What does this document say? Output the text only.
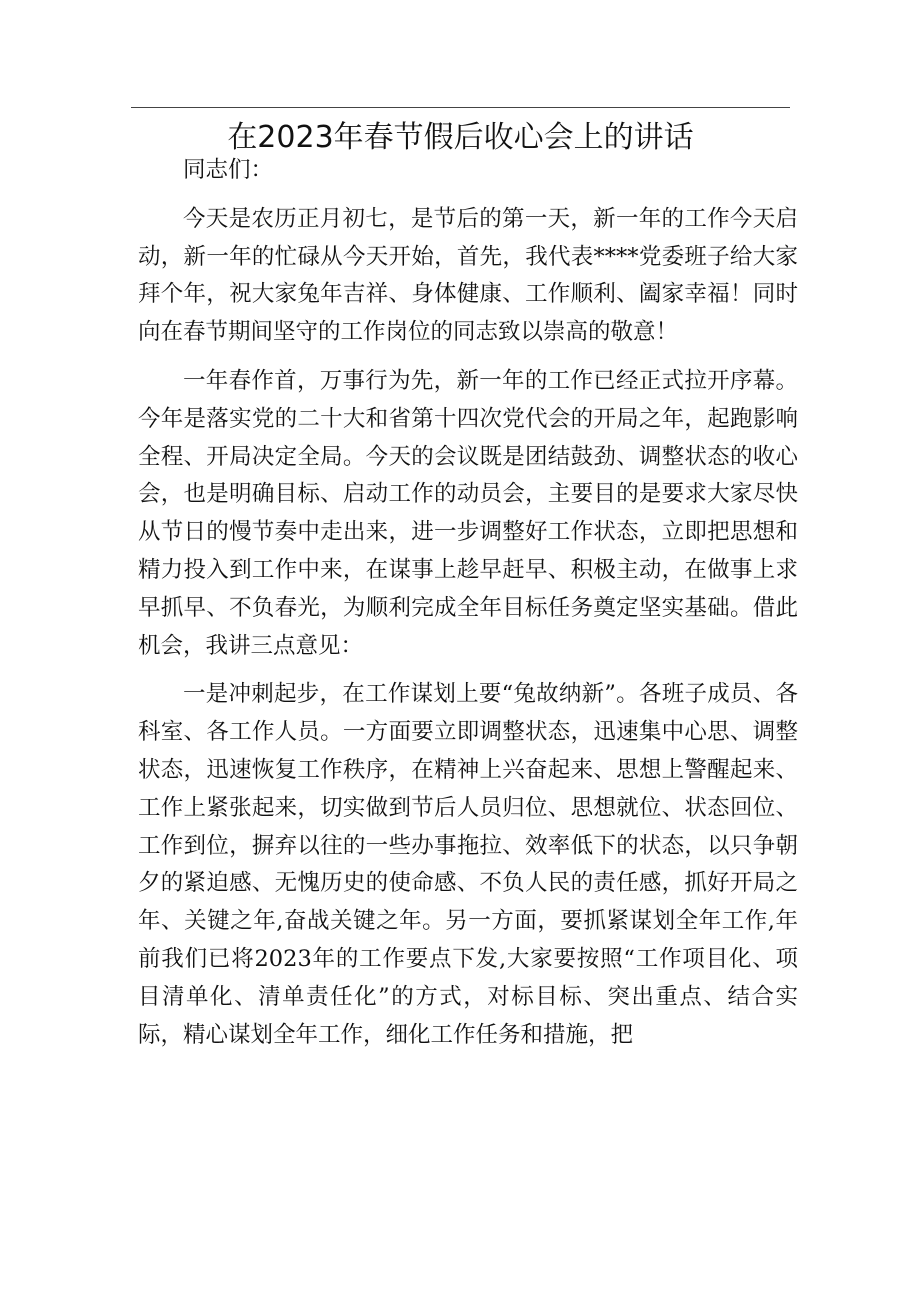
在2023年春节假后收心会上的讲话

同志们：

今天是农历正月初七，是节后的第一天，新一年的工作今天启动，新一年的忙碌从今天开始，首先，我代表****党委班子给大家拜个年，祝大家兔年吉祥、身体健康、工作顺利、阖家幸福！同时向在春节期间坚守的工作岗位的同志致以崇高的敬意！

一年春作首，万事行为先，新一年的工作已经正式拉开序幕。今年是落实党的二十大和省第十四次党代会的开局之年，起跑影响全程、开局决定全局。今天的会议既是团结鼓劲、调整状态的收心会，也是明确目标、启动工作的动员会，主要目的是要求大家尽快从节日的慢节奏中走出来，进一步调整好工作状态，立即把思想和精力投入到工作中来，在谋事上趁早赶早、积极主动，在做事上求早抓早、不负春光，为顺利完成全年目标任务奠定坚实基础。借此机会，我讲三点意见：

一是冲刺起步，在工作谋划上要“兔故纳新”。各班子成员、各科室、各工作人员。一方面要立即调整状态，迅速集中心思、调整状态，迅速恢复工作秩序，在精神上兴奋起来、思想上警醒起来、工作上紧张起来，切实做到节后人员归位、思想就位、状态回位、工作到位，摒弃以往的一些办事拖拉、效率低下的状态，以只争朝夕的紧迫感、无愧历史的使命感、不负人民的责任感，抓好开局之年、关键之年,奋战关键之年。另一方面，要抓紧谋划全年工作,年前我们已将2023年的工作要点下发,大家要按照“工作项目化、项目清单化、清单责任化”的方式，对标目标、突出重点、结合实际，精心谋划全年工作，细化工作任务和措施，把
